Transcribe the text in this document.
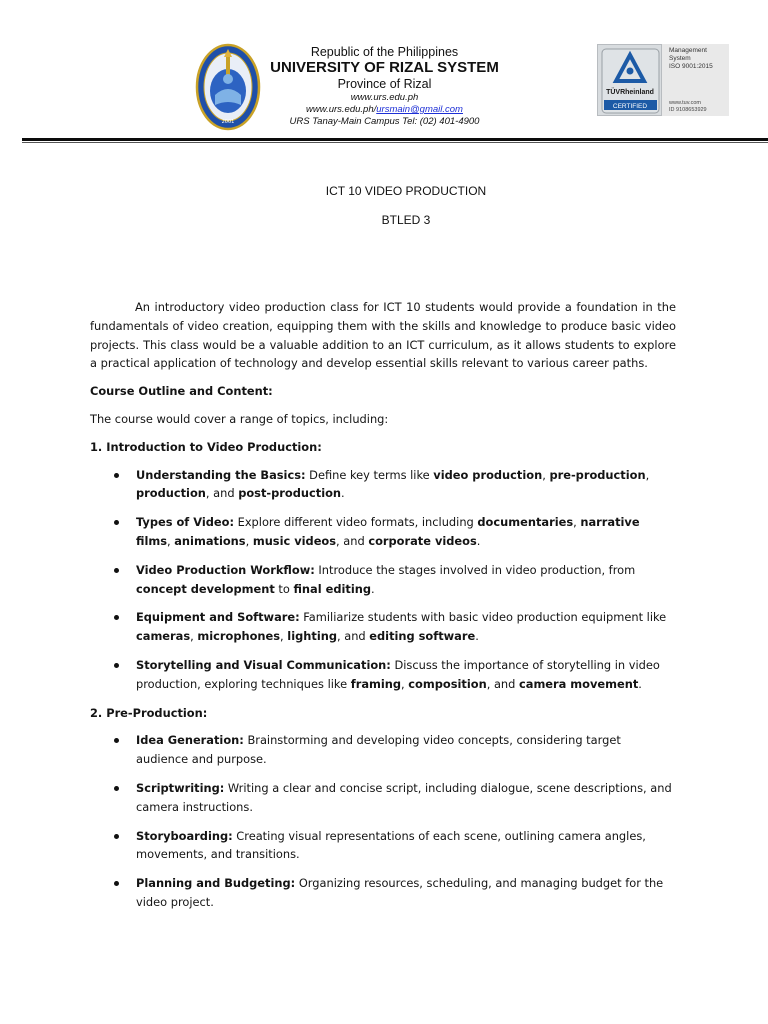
2001
Republic of the Philippines
UNIVERSITY OF RIZAL SYSTEM
Province of Rizal
www.urs.edu.ph
www.urs.edu.ph/ursmain@gmail.com
URS Tanay-Main Campus Tel: (02) 401-4900
TÜVRheinland
CERTIFIED
Management
System
ISO 9001:2015
www.tuv.com
ID 9108653929
ICT 10 VIDEO PRODUCTION
BTLED 3

An introductory video production class for ICT 10 students would provide a foundation in the fundamentals of video creation, equipping them with the skills and knowledge to produce basic video projects. This class would be a valuable addition to an ICT curriculum, as it allows students to explore a practical application of technology and develop essential skills relevant to various career paths.

Course Outline and Content:

The course would cover a range of topics, including:

1. Introduction to Video Production:

Understanding the Basics: Define key terms like video production, pre-production, production, and post-production.
Types of Video: Explore different video formats, including documentaries, narrative films, animations, music videos, and corporate videos.
Video Production Workflow: Introduce the stages involved in video production, from concept development to final editing.
Equipment and Software: Familiarize students with basic video production equipment like cameras, microphones, lighting, and editing software.
Storytelling and Visual Communication: Discuss the importance of storytelling in video production, exploring techniques like framing, composition, and camera movement.

2. Pre-Production:

Idea Generation: Brainstorming and developing video concepts, considering target audience and purpose.
Scriptwriting: Writing a clear and concise script, including dialogue, scene descriptions, and camera instructions.
Storyboarding: Creating visual representations of each scene, outlining camera angles, movements, and transitions.
Planning and Budgeting: Organizing resources, scheduling, and managing budget for the video project.
